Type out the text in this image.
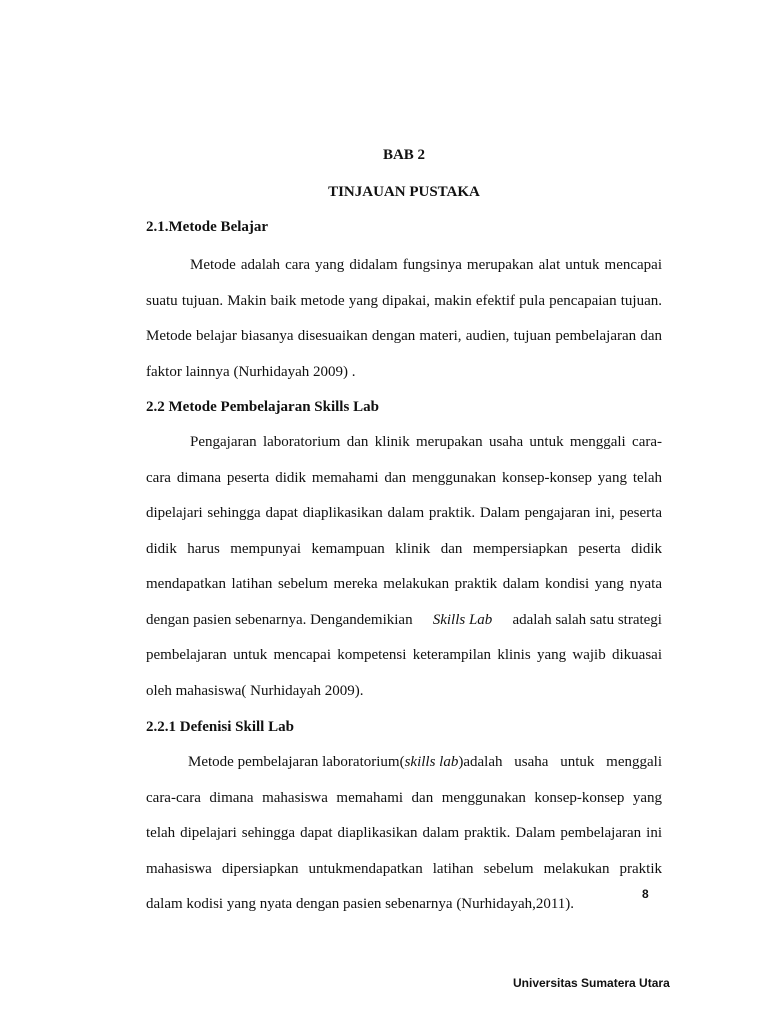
BAB 2
TINJAUAN PUSTAKA
2.1.Metode Belajar
Metode adalah cara yang didalam fungsinya merupakan alat untuk mencapai
suatu tujuan. Makin baik metode yang dipakai, makin efektif pula pencapaian tujuan.
Metode belajar biasanya disesuaikan dengan materi, audien, tujuan pembelajaran dan
faktor lainnya (Nurhidayah 2009) .
2.2 Metode Pembelajaran Skills Lab
Pengajaran laboratorium dan klinik merupakan usaha untuk menggali cara-
cara dimana peserta didik memahami dan menggunakan konsep-konsep yang telah
dipelajari sehingga dapat diaplikasikan dalam praktik. Dalam pengajaran ini, peserta
didik harus mempunyai kemampuan klinik dan mempersiapkan peserta didik
mendapatkan latihan sebelum mereka melakukan praktik dalam kondisi yang nyata
dengan pasien sebenarnya. Dengandemikian Skills Lab adalah salah satu strategi
pembelajaran untuk mencapai kompetensi keterampilan klinis yang wajib dikuasai
oleh mahasiswa( Nurhidayah 2009).
2.2.1 Defenisi Skill Lab
Metode pembelajaran laboratorium( skills lab )adalah usaha untuk menggali
cara-cara dimana mahasiswa memahami dan menggunakan konsep-konsep yang
telah dipelajari sehingga dapat diaplikasikan dalam praktik. Dalam pembelajaran ini
mahasiswa dipersiapkan untukmendapatkan latihan sebelum melakukan praktik
dalam kodisi yang nyata dengan pasien sebenarnya (Nurhidayah,2011).
8
Universitas Sumatera Utara
